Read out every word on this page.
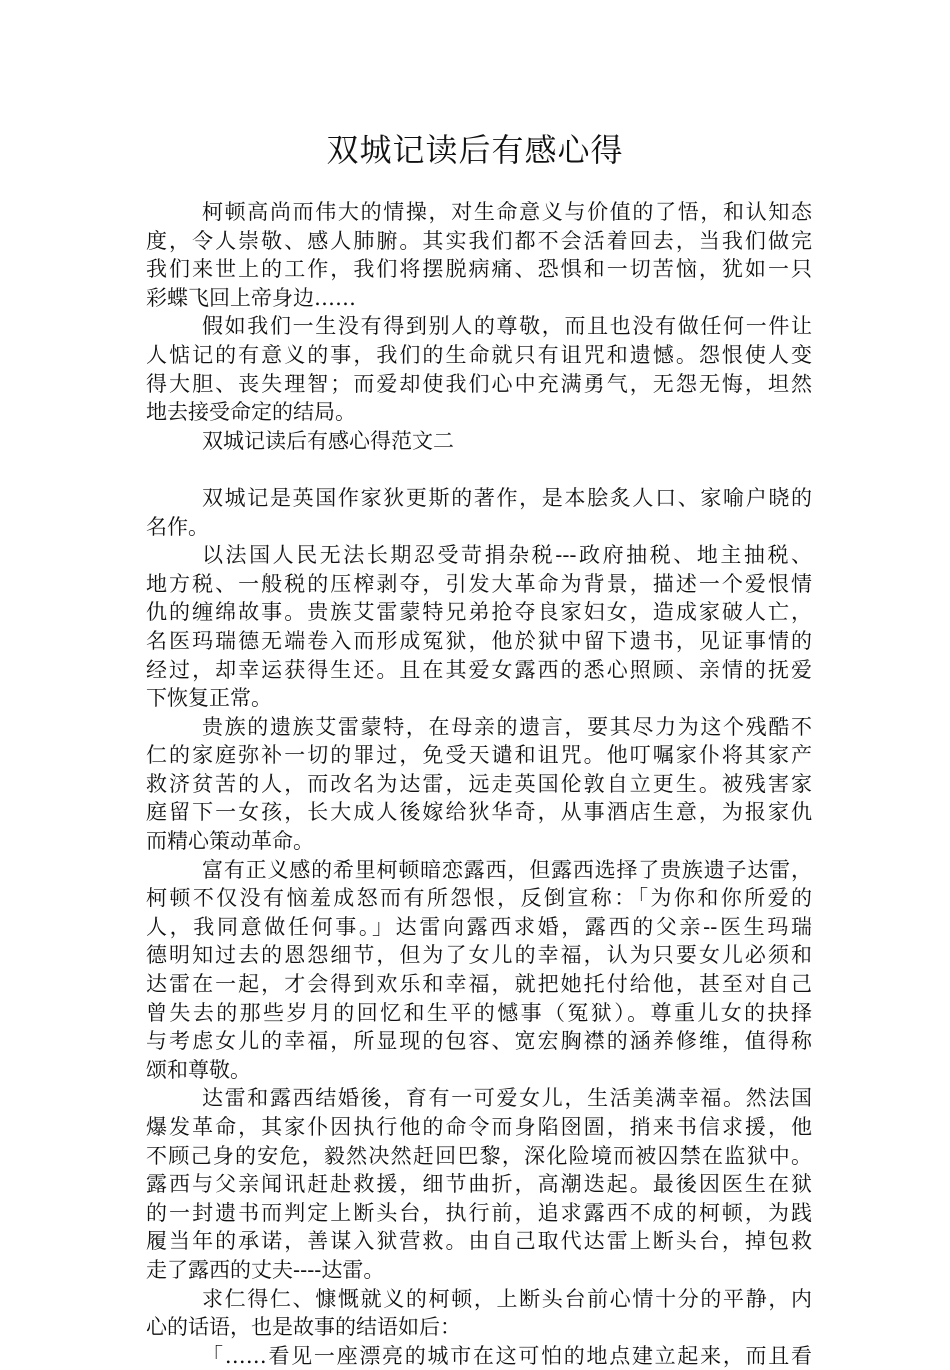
双城记读后有感心得
柯顿高尚而伟大的情操，对生命意义与价值的了悟，和认知态
度，令人崇敬、感人肺腑。其实我们都不会活着回去，当我们做完
我们来世上的工作，我们将摆脱病痛、恐惧和一切苦恼，犹如一只
彩蝶飞回上帝身边……
假如我们一生没有得到别人的尊敬，而且也没有做任何一件让
人惦记的有意义的事，我们的生命就只有诅咒和遗憾。怨恨使人变
得大胆、丧失理智；而爱却使我们心中充满勇气，无怨无悔，坦然
地去接受命定的结局。
双城记读后有感心得范文二
双城记是英国作家狄更斯的著作，是本脍炙人口、家喻户晓的
名作。
以法国人民无法长期忍受苛捐杂税---政府抽税、地主抽税、
地方税、一般税的压榨剥夺，引发大革命为背景，描述一个爱恨情
仇的缠绵故事。贵族艾雷蒙特兄弟抢夺良家妇女，造成家破人亡，
名医玛瑞德无端卷入而形成冤狱，他於狱中留下遗书，见证事情的
经过，却幸运获得生还。且在其爱女露西的悉心照顾、亲情的抚爱
下恢复正常。
贵族的遗族艾雷蒙特，在母亲的遗言，要其尽力为这个残酷不
仁的家庭弥补一切的罪过，免受天谴和诅咒。他叮嘱家仆将其家产
救济贫苦的人，而改名为达雷，远走英国伦敦自立更生。被残害家
庭留下一女孩，长大成人後嫁给狄华奇，从事酒店生意，为报家仇
而精心策动革命。
富有正义感的希里柯顿暗恋露西，但露西选择了贵族遗子达雷，
柯顿不仅没有恼羞成怒而有所怨恨，反倒宣称：「为你和你所爱的
人，我同意做任何事。」达雷向露西求婚，露西的父亲--医生玛瑞
德明知过去的恩怨细节，但为了女儿的幸福，认为只要女儿必须和
达雷在一起，才会得到欢乐和幸福，就把她托付给他，甚至对自己
曾失去的那些岁月的回忆和生平的憾事（冤狱）。尊重儿女的抉择
与考虑女儿的幸福，所显现的包容、宽宏胸襟的涵养修维，值得称
颂和尊敬。
达雷和露西结婚後，育有一可爱女儿，生活美满幸福。然法国
爆发革命，其家仆因执行他的命令而身陷囹圄，捎来书信求援，他
不顾己身的安危，毅然决然赶回巴黎，深化险境而被囚禁在监狱中。
露西与父亲闻讯赶赴救援，细节曲折，高潮迭起。最後因医生在狱
的一封遗书而判定上断头台，执行前，追求露西不成的柯顿，为践
履当年的承诺，善谋入狱营救。由自己取代达雷上断头台，掉包救
走了露西的丈夫----达雷。
求仁得仁、慷慨就义的柯顿，上断头台前心情十分的平静，内
心的话语，也是故事的结语如后：
「……看见一座漂亮的城市在这可怕的地点建立起来，而且看
